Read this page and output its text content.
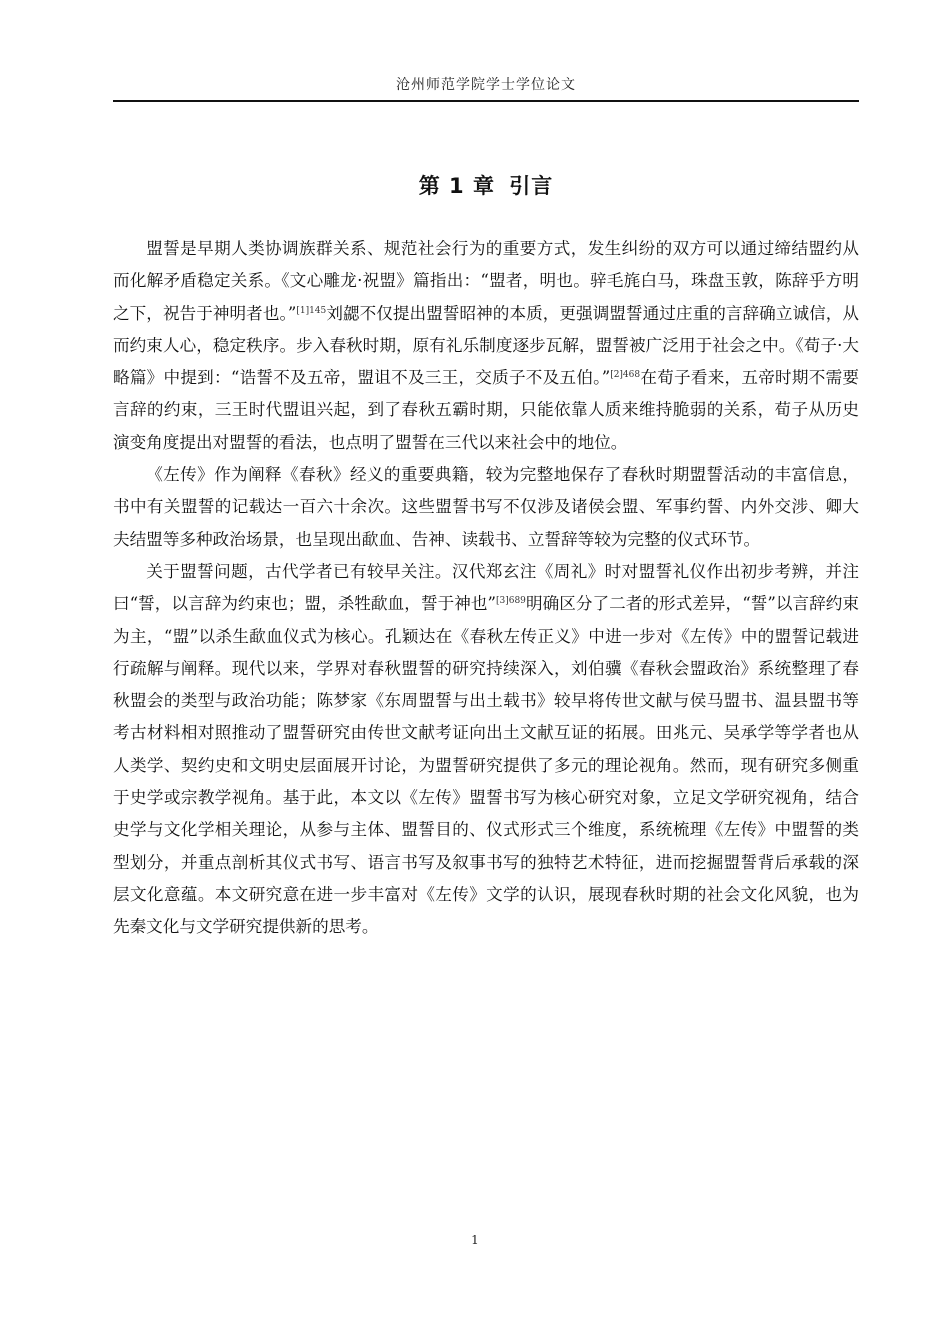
沧州师范学院学士学位论文
第 1 章 引言

盟誓是早期人类协调族群关系、规范社会行为的重要方式，发生纠纷的双方可以通过缔结盟约从而化解矛盾稳定关系。《文心雕龙·祝盟》篇指出：“盟者，明也。骍毛旄白马，珠盘玉敦，陈辞乎方明之下，祝告于神明者也。”$^{[1]145}$刘勰不仅提出盟誓昭神的本质，更强调盟誓通过庄重的言辞确立诚信，从而约束人心，稳定秩序。步入春秋时期，原有礼乐制度逐步瓦解，盟誓被广泛用于社会之中。《荀子·大略篇》中提到：“诰誓不及五帝，盟诅不及三王，交质子不及五伯。”$^{[2]468}$在荀子看来，五帝时期不需要言辞的约束，三王时代盟诅兴起，到了春秋五霸时期，只能依靠人质来维持脆弱的关系，荀子从历史演变角度提出对盟誓的看法，也点明了盟誓在三代以来社会中的地位。

《左传》作为阐释《春秋》经义的重要典籍，较为完整地保存了春秋时期盟誓活动的丰富信息，书中有关盟誓的记载达一百六十余次。这些盟誓书写不仅涉及诸侯会盟、军事约誓、内外交涉、卿大夫结盟等多种政治场景，也呈现出歃血、告神、读载书、立誓辞等较为完整的仪式环节。

关于盟誓问题，古代学者已有较早关注。汉代郑玄注《周礼》时对盟誓礼仪作出初步考辨，并注曰“誓，以言辞为约束也；盟，杀牲歃血，誓于神也”$^{[3]689}$明确区分了二者的形式差异，“誓”以言辞约束为主，“盟”以杀生歃血仪式为核心。孔颖达在《春秋左传正义》中进一步对《左传》中的盟誓记载进行疏解与阐释。现代以来，学界对春秋盟誓的研究持续深入，刘伯骥《春秋会盟政治》系统整理了春秋盟会的类型与政治功能；陈梦家《东周盟誓与出土载书》较早将传世文献与侯马盟书、温县盟书等考古材料相对照推动了盟誓研究由传世文献考证向出土文献互证的拓展。田兆元、吴承学等学者也从人类学、契约史和文明史层面展开讨论，为盟誓研究提供了多元的理论视角。然而，现有研究多侧重于史学或宗教学视角。基于此，本文以《左传》盟誓书写为核心研究对象，立足文学研究视角，结合史学与文化学相关理论，从参与主体、盟誓目的、仪式形式三个维度，系统梳理《左传》中盟誓的类型划分，并重点剖析其仪式书写、语言书写及叙事书写的独特艺术特征，进而挖掘盟誓背后承载的深层文化意蕴。本文研究意在进一步丰富对《左传》文学的认识，展现春秋时期的社会文化风貌，也为先秦文化与文学研究提供新的思考。

1
